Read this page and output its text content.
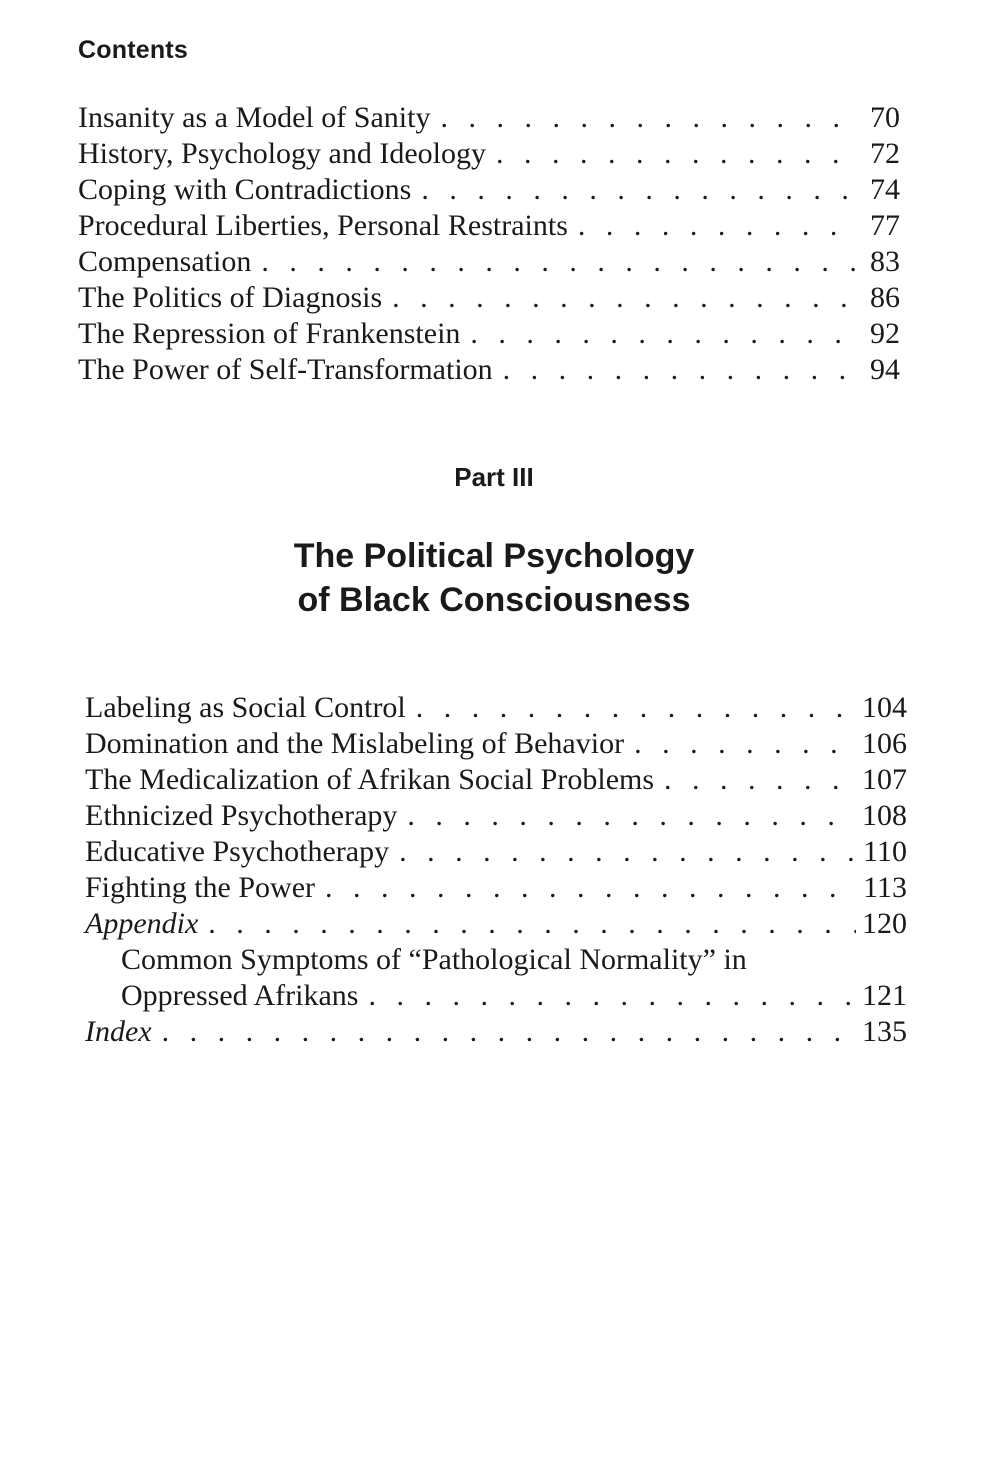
Contents
Insanity as a Model of Sanity . . .	70
History, Psychology and Ideology . . .	72
Coping with Contradictions . . .	74
Procedural Liberties, Personal Restraints . . .	77
Compensation . . .	83
The Politics of Diagnosis . . .	86
The Repression of Frankenstein . . .	92
The Power of Self-Transformation . . .	94
Part III
The Political Psychology
of Black Consciousness
Labeling as Social Control . . .	104
Domination and the Mislabeling of Behavior . . .	106
The Medicalization of Afrikan Social Problems . . .	107
Ethnicized Psychotherapy . . .	108
Educative Psychotherapy . . .	110
Fighting the Power . . .	113
Appendix . . .	120
Common Symptoms of “Pathological Normality” in
Oppressed Afrikans . . .	121
Index . . .	135
